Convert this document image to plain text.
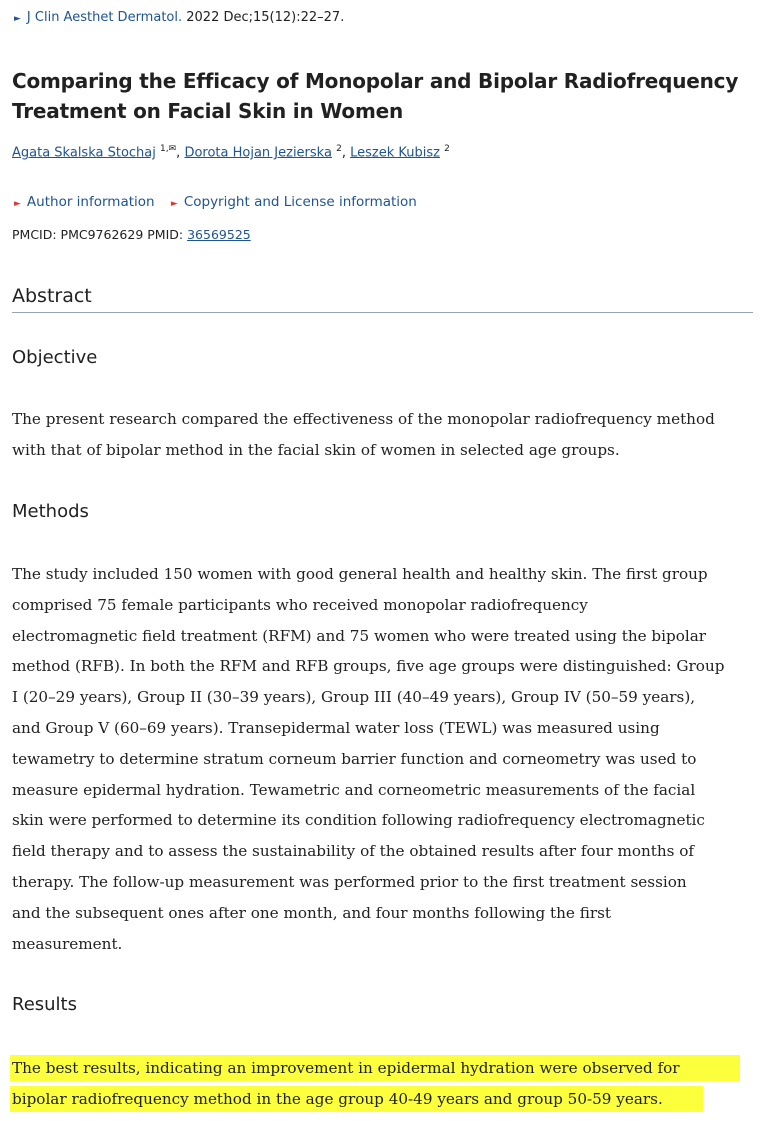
► J Clin Aesthet Dermatol. 2022 Dec;15(12):22–27.
Comparing the Efficacy of Monopolar and Bipolar Radiofrequency
Treatment on Facial Skin in Women
Agata Skalska Stochaj $^{1,✉}$, Dorota Hojan Jezierska $^2$, Leszek Kubisz $^2$
► Author information ► Copyright and License information
PMCID: PMC9762629 PMID: 36569525
Abstract
Objective
The present research compared the effectiveness of the monopolar radiofrequency method
with that of bipolar method in the facial skin of women in selected age groups.
Methods
The study included 150 women with good general health and healthy skin. The first group
comprised 75 female participants who received monopolar radiofrequency
electromagnetic field treatment (RFM) and 75 women who were treated using the bipolar
method (RFB). In both the RFM and RFB groups, five age groups were distinguished: Group
I (20–29 years), Group II (30–39 years), Group III (40–49 years), Group IV (50–59 years),
and Group V (60–69 years). Transepidermal water loss (TEWL) was measured using
tewametry to determine stratum corneum barrier function and corneometry was used to
measure epidermal hydration. Tewametric and corneometric measurements of the facial
skin were performed to determine its condition following radiofrequency electromagnetic
field therapy and to assess the sustainability of the obtained results after four months of
therapy. The follow-up measurement was performed prior to the first treatment session
and the subsequent ones after one month, and four months following the first
measurement.
Results
The best results, indicating an improvement in epidermal hydration were observed for
bipolar radiofrequency method in the age group 40-49 years and group 50-59 years.
